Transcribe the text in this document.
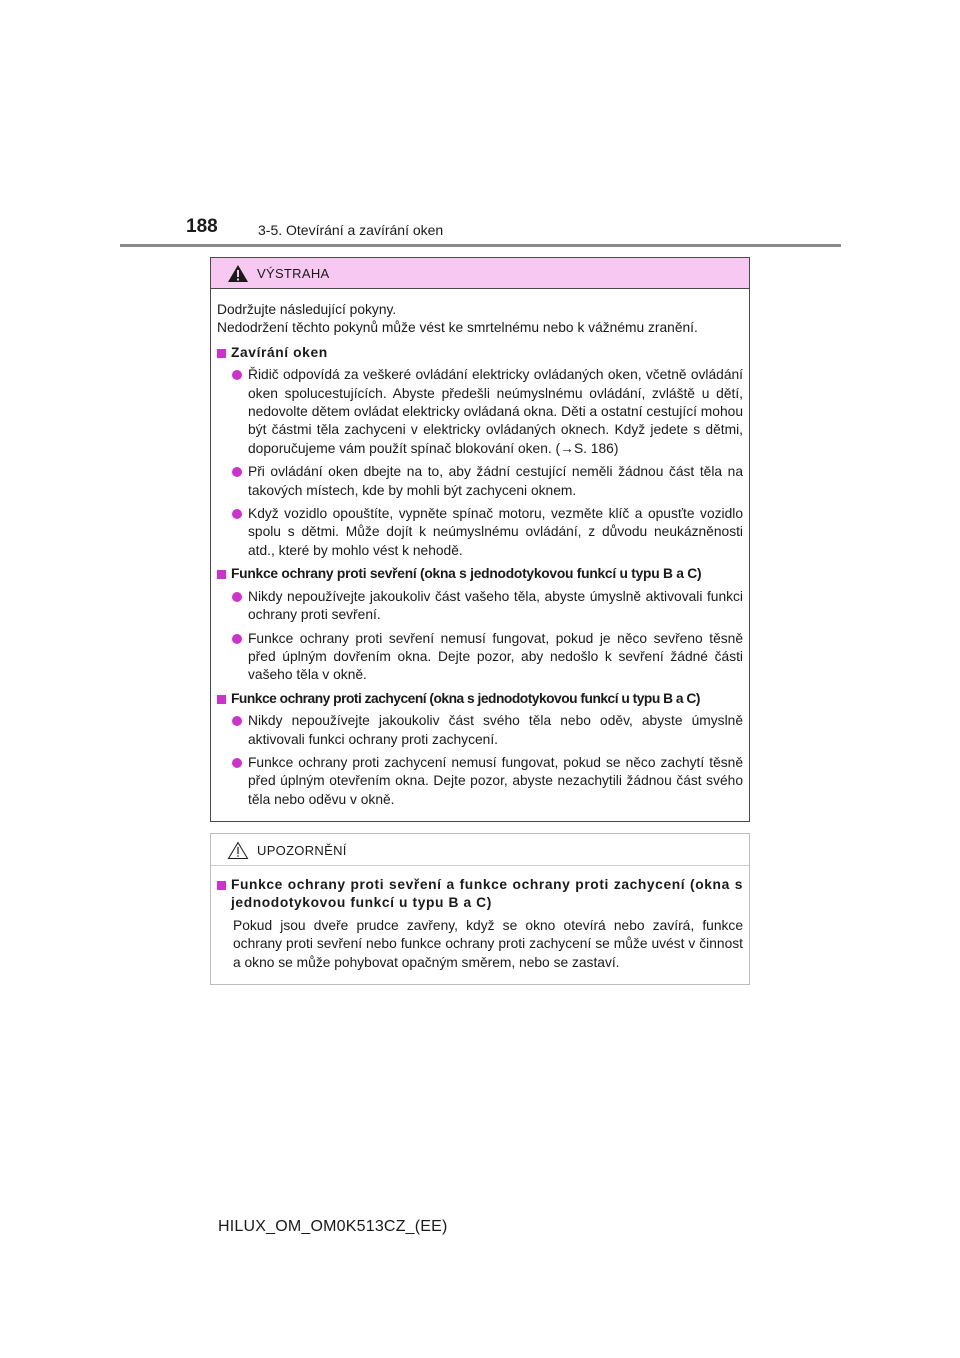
188	3-5. Otevírání a zavírání oken
VÝSTRAHA

Dodržujte následující pokyny.
Nedodržení těchto pokynů může vést ke smrtelnému nebo k vážnému zranění.

Zavírání oken
Řidič odpovídá za veškeré ovládání elektricky ovládaných oken, včetně ovládání oken spolucestujících. Abyste předešli neúmyslnému ovládání, zvláště u dětí, nedovolte dětem ovládat elektricky ovládaná okna. Děti a ostatní cestující mohou být částmi těla zachyceni v elektricky ovládaných oknech. Když jedete s dětmi, doporučujeme vám použít spínač blokování oken. (→S. 186)
Při ovládání oken dbejte na to, aby žádní cestující neměli žádnou část těla na takových místech, kde by mohli být zachyceni oknem.
Když vozidlo opouštíte, vypněte spínač motoru, vezměte klíč a opusťte vozidlo spolu s dětmi. Může dojít k neúmyslnému ovládání, z důvodu neukázněnosti atd., které by mohlo vést k nehodě.
Funkce ochrany proti sevření (okna s jednodotykovou funkcí u typu B a C)
Nikdy nepoužívejte jakoukoliv část vašeho těla, abyste úmyslně aktivovali funkci ochrany proti sevření.
Funkce ochrany proti sevření nemusí fungovat, pokud je něco sevřeno těsně před úplným dovřením okna. Dejte pozor, aby nedošlo k sevření žádné části vašeho těla v okně.
Funkce ochrany proti zachycení (okna s jednodotykovou funkcí u typu B a C)
Nikdy nepoužívejte jakoukoliv část svého těla nebo oděv, abyste úmyslně aktivovali funkci ochrany proti zachycení.
Funkce ochrany proti zachycení nemusí fungovat, pokud se něco zachytí těsně před úplným otevřením okna. Dejte pozor, abyste nezachytili žádnou část svého těla nebo oděvu v okně.
UPOZORNĚNÍ
Funkce ochrany proti sevření a funkce ochrany proti zachycení (okna s jednodotykovou funkcí u typu B a C)

Pokud jsou dveře prudce zavřeny, když se okno otevírá nebo zavírá, funkce ochrany proti sevření nebo funkce ochrany proti zachycení se může uvést v činnost a okno se může pohybovat opačným směrem, nebo se zastaví.

HILUX_OM_OM0K513CZ_(EE)
